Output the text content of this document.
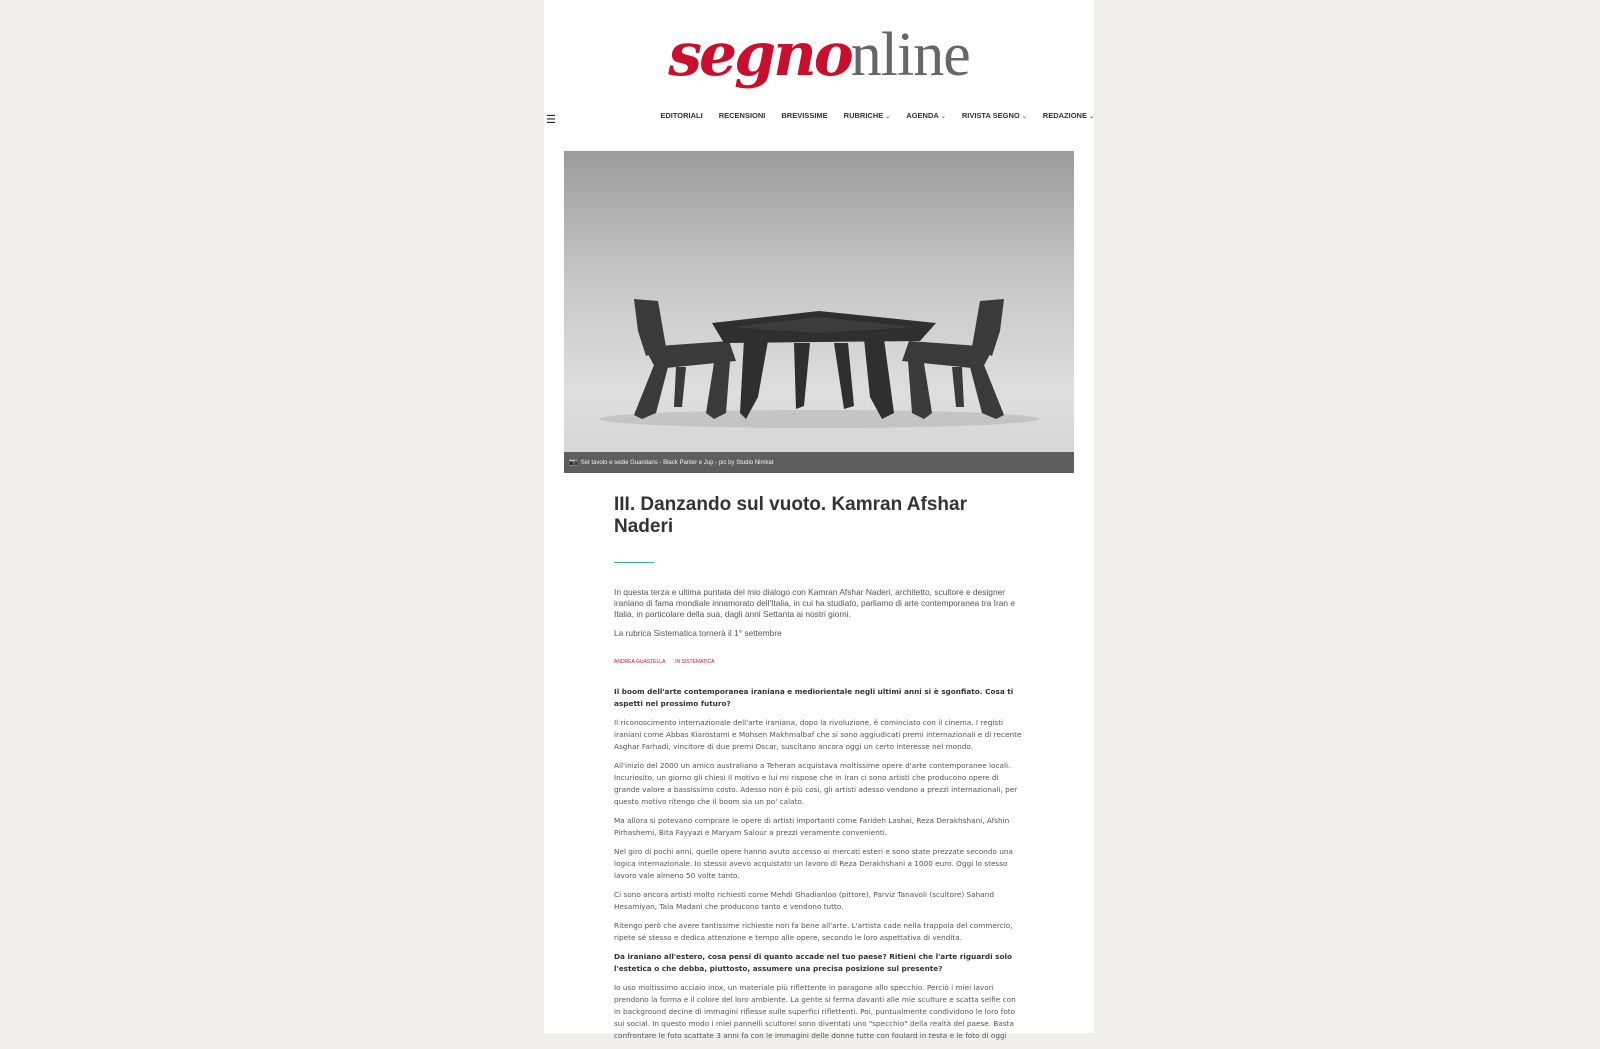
segnonline
☰	EDITORIALI RECENSIONI BREVISSIME RUBRICHE ⌄ AGENDA ⌄ RIVISTA SEGNO ⌄ REDAZIONE ⌄
📷 Set tavolo e sedie Guardians - Black Panter e Jup - pic by Studio Nimkat
III. Danzando sul vuoto. Kamran Afshar Naderi

In questa terza e ultima puntata del mio dialogo con Kamran Afshar Naderi, architetto, scultore e designer iraniano di fama mondiale innamorato dell'Italia, in cui ha studiato, parliamo di arte contemporanea tra Iran e Italia, in particolare della sua, dagli anni Settanta ai nostri giorni.

La rubrica Sistematica tornerà il 1° settembre

ANDREA GUASTELLA · IN SISTEMATICA

Il boom dell'arte contemporanea iraniana e mediorientale negli ultimi anni si è sgonfiato. Cosa ti aspetti nel prossimo futuro?

Il riconoscimento internazionale dell'arte iraniana, dopo la rivoluzione, è cominciato con il cinema. I registi iraniani come Abbas Kiarostami e Mohsen Makhmalbaf che si sono aggiudicati premi internazionali e di recente Asghar Farhadi, vincitore di due premi Oscar, suscitano ancora oggi un certo interesse nel mondo.

All'inizio del 2000 un amico australiano a Teheran acquistava moltissime opere d'arte contemporanee locali. Incuriosito, un giorno gli chiesi il motivo e lui mi rispose che in Iran ci sono artisti che producono opere di grande valore a bassissimo costo. Adesso non è più così, gli artisti adesso vendono a prezzi internazionali, per questo motivo ritengo che il boom sia un po' calato.

Ma allora si potevano comprare le opere di artisti importanti come Farideh Lashai, Reza Derakhshani, Afshin Pirhashemi, Bita Fayyazi e Maryam Salour a prezzi veramente convenienti.

Nel giro di pochi anni, quelle opere hanno avuto accesso ai mercati esteri e sono state prezzate secondo una logica internazionale. Io stesso avevo acquistato un lavoro di Reza Derakhshani a 1000 euro. Oggi lo stesso lavoro vale almeno 50 volte tanto.

Ci sono ancora artisti molto richiesti come Mehdi Ghadianloo (pittore), Parviz Tanavoli (scultore) Sahand Hesamiyan, Tala Madani che producono tanto e vendono tutto.

Ritengo però che avere tantissime richieste non fa bene all'arte. L'artista cade nella trappola del commercio, ripete sé stesso e dedica attenzione e tempo alle opere, secondo le loro aspettativa di vendita.

Da iraniano all'estero, cosa pensi di quanto accade nel tuo paese? Ritieni che l'arte riguardi solo l'estetica o che debba, piuttosto, assumere una precisa posizione sul presente?

Io uso moltissimo acciaio inox, un materiale più riflettente in paragone allo specchio. Perciò i miei lavori prendono la forma e il colore del loro ambiente. La gente si ferma davanti alle mie sculture e scatta selfie con in background decine di immagini riflesse sulle superfici riflettenti. Poi, puntualmente condividono le loro foto sui social. In questo modo i miei pannelli scultorei sono diventati uno "specchio" della realtà del paese. Basta confrontare le foto scattate 3 anni fa con le immagini delle donne tutte con foulard in testa e le foto di oggi
